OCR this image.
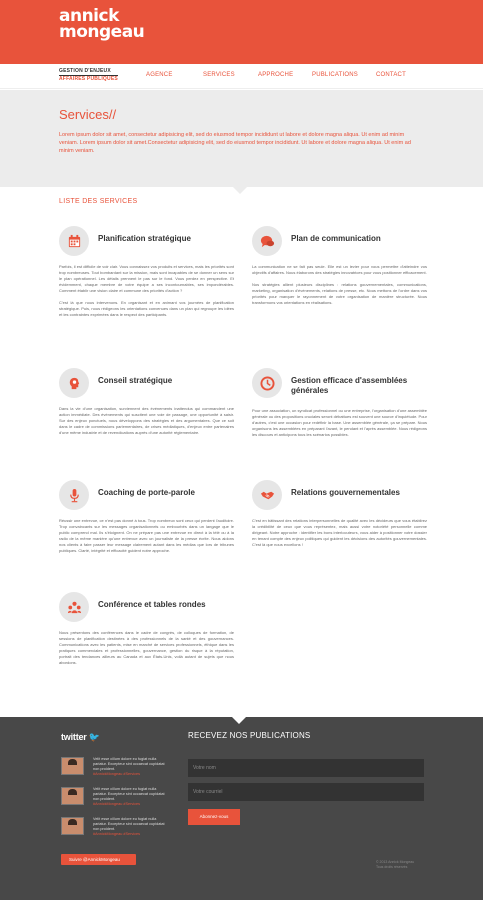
annick
mongeau
GESTION D'ENJEUX
AFFAIRES PUBLIQUES
AGENCE	SERVICES	APPROCHE	PUBLICATIONS	CONTACT
Services//

Lorem ipsum dolor sit amet, consectetur adipisicing elit, sed do eiusmod tempor incididunt ut labore et dolore magna aliqua. Ut enim ad minim veniam. Lorem ipsum dolor sit amet.Consectetur adipisicing elit, sed do eiusmod tempor incididunt. Ut labore et dolore magna aliqua. Ut enim ad minim veniam.

LISTE DES SERVICES
Planification stratégique

Parfois, il est difficile de voir clair. Vous connaissez vos produits et services, mais les priorités sont trop nombreuses. Tout bombardant sur la mission, mais sont incapables de se donner un sens sur le plan opérationnel. Les détails prennent le pas sur le fond. Vous perdez en perspective. Et évidemment, chaque membre de votre équipe a ses incontournables, ses impondérables. Comment établir une vision claire et commune des priorités d'action ?

C'est là que nous intervenons. En organisant et en animant vos journées de planification stratégique. Puis, nous rédigeons les orientations convenues dans un plan qui regroupe les idées et les contraintes exprimées dans le respect des participants.

Plan de communication

La communication ne se fait pas seule. Elle est un levier pour vous permettre d'atteindre vos objectifs d'affaires. Nous élaborons des stratégies innovatrices pour vous positionner efficacement.

Nos stratégies allient plusieurs disciplines : relations gouvernementales, communications, marketing, organisation d'événements, relations de presse, etc. Nous mettons de l'ordre dans vos priorités pour marquer le rayonnement de votre organisation de manière structurée. Nous transformons vos orientations en réalisations.

Conseil stratégique

Dans la vie d'une organisation, surviennent des événements inattendus qui commandent une action immédiate. Des événements qui suscitent une voie de passage, une opportunité à saisir. Sur des enjeux ponctuels, nous développons des stratégies et des argumentaires. Que ce soit dans le cadre de commissions parlementaires, de crises médiatiques, d'enjeux entre partenaires d'une même industrie et de revendications auprès d'une autorité réglementaire.

Gestion efficace d'assemblées générales

Pour une association, un syndicat professionnel ou une entreprise, l'organisation d'une assemblée générale ou des propositions cruciales seront débattues est souvent une source d'inquiétude. Pour d'autres, c'est une occasion pour redéfinir la base. Une assemblée générale, ça se prépare. Nous organisons les assemblées en préparant l'avant, le pendant et l'après assemblée. Nous rédigeons les discours et anticipons tous les scénarios possibles.

Coaching de porte-parole

Réussir une entrevue, ce n'est pas donné à tous. Trop nombreux sont ceux qui perdent l'auditoire. Trop convaincants sur les messages organisationnels ou embourbés dans un langage que le public comprend mal. Ils s'éloignent. On ne prépare pas une entrevue en direct à la télé ou à la radio de la même manière qu'une entrevue avec un journaliste de la presse écrite. Nous aidons nos clients à faire passer leur message clairement autant dans les médias que lors de tribunes publiques. Clarté, intégrité et efficacité guident notre approche.

Relations gouvernementales

C'est en bâtissant des relations interpersonnelles de qualité avec les décideurs que vous établirez la crédibilité de ceux que vous représentez, mais aussi votre notoriété personnelle comme dirigeant. Notre approche : identifier les bons interlocuteurs, vous aider à positionner votre dossier en tenant compte des enjeux politiques qui guident les décisions des autorités gouvernementales. C'est là que nous excellons !

Conférence et tables rondes

Nous présentons des conférences dans le cadre de congrès, de colloques de formation, de sessions de planification destinées à des professionnels de la santé et des gouvernances. Communications avec les patients, mise en marché de services professionnels, éthique dans les pratiques commerciales et professionnelles, gouvernance, gestion du risque à la réputation, portrait des tendances ailleurs au Canada et aux États-Unis, voilà autant de sujets que nous abordons.

twitter 🐦
Velit esse cillum dolore eu fugiat nulla pariatur. Excepteur sint occaecat cupidatat non proident.
#AnnickMongeau #Services
Velit esse cillum dolore eu fugiat nulla pariatur. Excepteur sint occaecat cupidatat non proident.
#AnnickMongeau #Services
Velit esse cillum dolore eu fugiat nulla pariatur. Excepteur sint occaecat cupidatat non proident.
#AnnickMongeau #Services
Suivre @AnnickMongeau
RECEVEZ NOS PUBLICATIONS
Votre nom
Votre courriel
Abonnez-vous
© 2013 Annick Mongeau
Tous droits réservés
